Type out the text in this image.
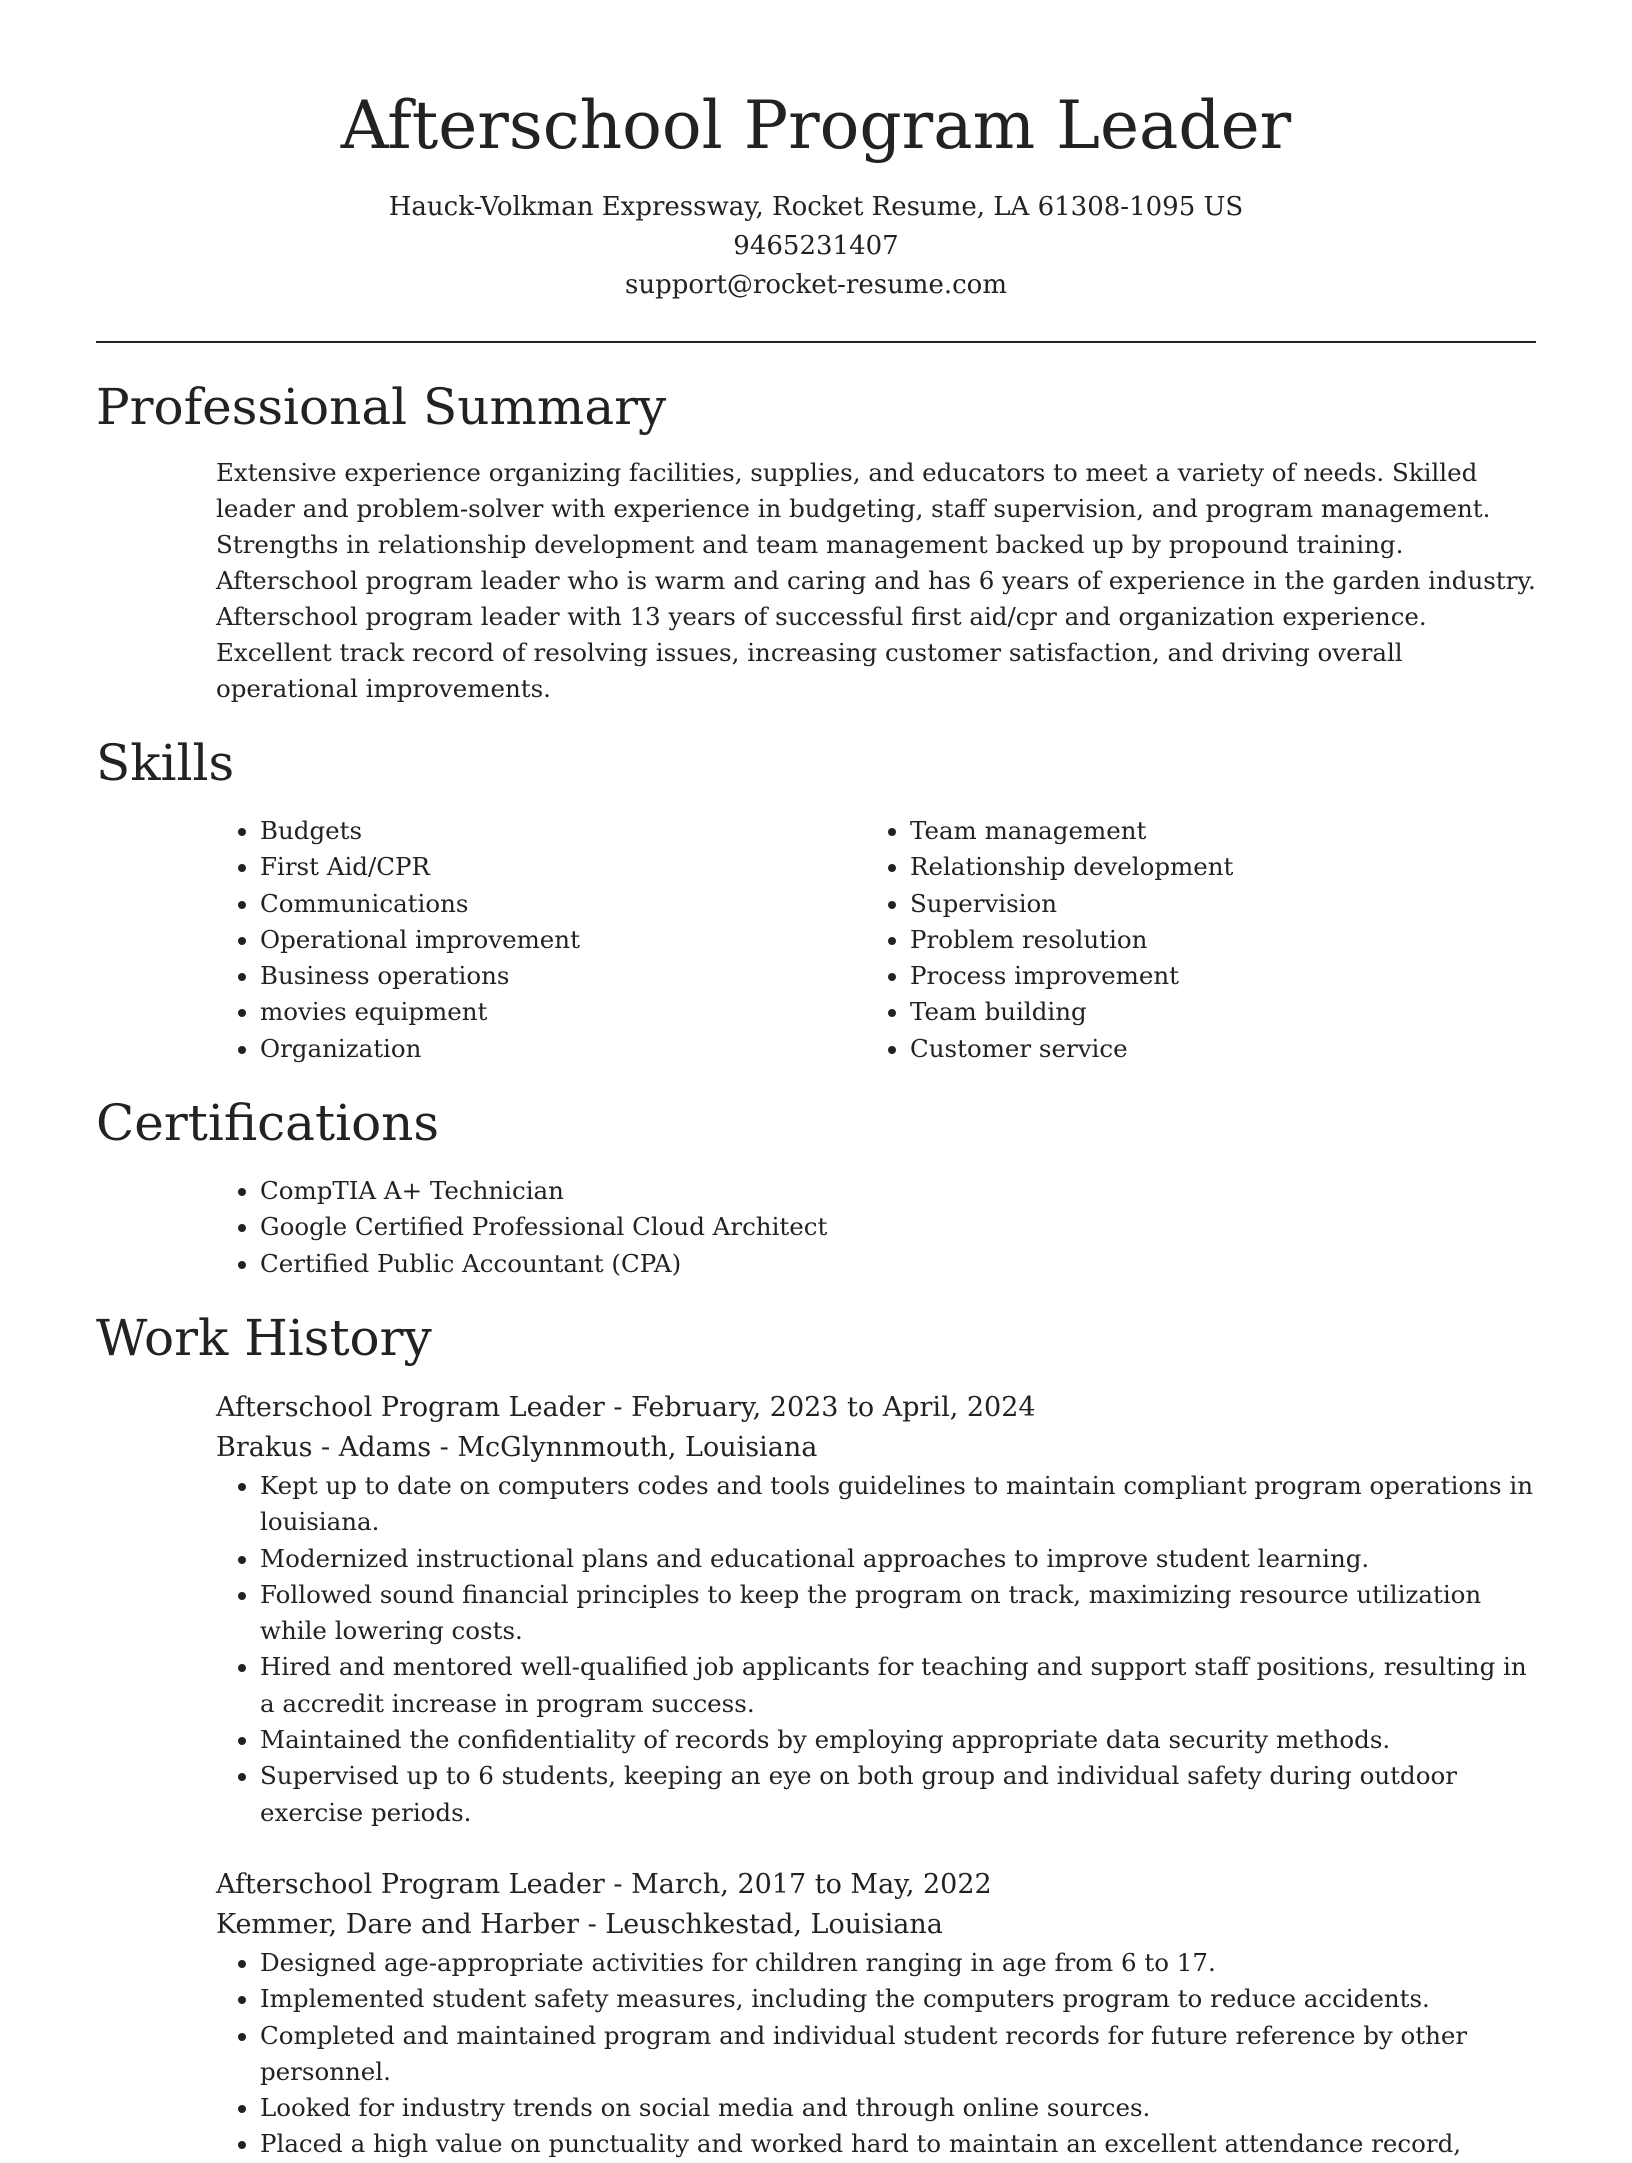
Afterschool Program Leader
Hauck-Volkman Expressway, Rocket Resume, LA 61308-1095 US
9465231407
support@rocket-resume.com
Professional Summary

Extensive experience organizing facilities, supplies, and educators to meet a variety of needs. Skilled leader and problem-solver with experience in budgeting, staff supervision, and program management. Strengths in relationship development and team management backed up by propound training. Afterschool program leader who is warm and caring and has 6 years of experience in the garden industry. Afterschool program leader with 13 years of successful first aid/cpr and organization experience. Excellent track record of resolving issues, increasing customer satisfaction, and driving overall operational improvements.

Skills
• Budgets
• First Aid/CPR
• Communications
• Operational improvement
• Business operations
• movies equipment
• Organization
• Team management
• Relationship development
• Supervision
• Problem resolution
• Process improvement
• Team building
• Customer service
Certifications
• CompTIA A+ Technician
• Google Certified Professional Cloud Architect
• Certified Public Accountant (CPA)
Work History
Afterschool Program Leader - February, 2023 to April, 2024
Brakus - Adams - McGlynnmouth, Louisiana
• Kept up to date on computers codes and tools guidelines to maintain compliant program operations in louisiana.
• Modernized instructional plans and educational approaches to improve student learning.
• Followed sound financial principles to keep the program on track, maximizing resource utilization while lowering costs.
• Hired and mentored well-qualified job applicants for teaching and support staff positions, resulting in a accredit increase in program success.
• Maintained the confidentiality of records by employing appropriate data security methods.
• Supervised up to 6 students, keeping an eye on both group and individual safety during outdoor exercise periods.
Afterschool Program Leader - March, 2017 to May, 2022
Kemmer, Dare and Harber - Leuschkestad, Louisiana
• Designed age-appropriate activities for children ranging in age from 6 to 17.
• Implemented student safety measures, including the computers program to reduce accidents.
• Completed and maintained program and individual student records for future reference by other personnel.
• Looked for industry trends on social media and through online sources.
• Placed a high value on punctuality and worked hard to maintain an excellent attendance record,
